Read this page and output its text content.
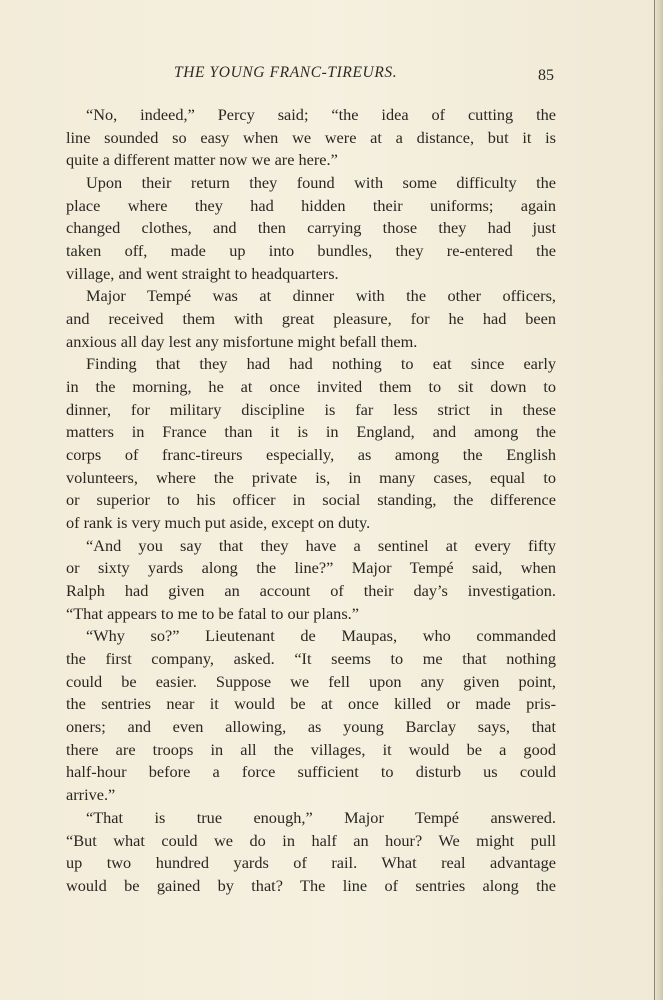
THE YOUNG FRANC-TIREURS.	85
“No, indeed,” Percy said; “the idea of cutting the
line sounded so easy when we were at a distance, but it is
quite a different matter now we are here.”
Upon their return they found with some difficulty the
place where they had hidden their uniforms; again
changed clothes, and then carrying those they had just
taken off, made up into bundles, they re-entered the
village, and went straight to headquarters.
Major Tempé was at dinner with the other officers,
and received them with great pleasure, for he had been
anxious all day lest any misfortune might befall them.
Finding that they had had nothing to eat since early
in the morning, he at once invited them to sit down to
dinner, for military discipline is far less strict in these
matters in France than it is in England, and among the
corps of franc-tireurs especially, as among the English
volunteers, where the private is, in many cases, equal to
or superior to his officer in social standing, the difference
of rank is very much put aside, except on duty.
“And you say that they have a sentinel at every fifty
or sixty yards along the line?” Major Tempé said, when
Ralph had given an account of their day’s investigation.
“That appears to me to be fatal to our plans.”
“Why so?” Lieutenant de Maupas, who commanded
the first company, asked. “It seems to me that nothing
could be easier. Suppose we fell upon any given point,
the sentries near it would be at once killed or made pris-
oners; and even allowing, as young Barclay says, that
there are troops in all the villages, it would be a good
half-hour before a force sufficient to disturb us could
arrive.”
“That is true enough,” Major Tempé answered.
“But what could we do in half an hour? We might pull
up two hundred yards of rail. What real advantage
would be gained by that? The line of sentries along the
